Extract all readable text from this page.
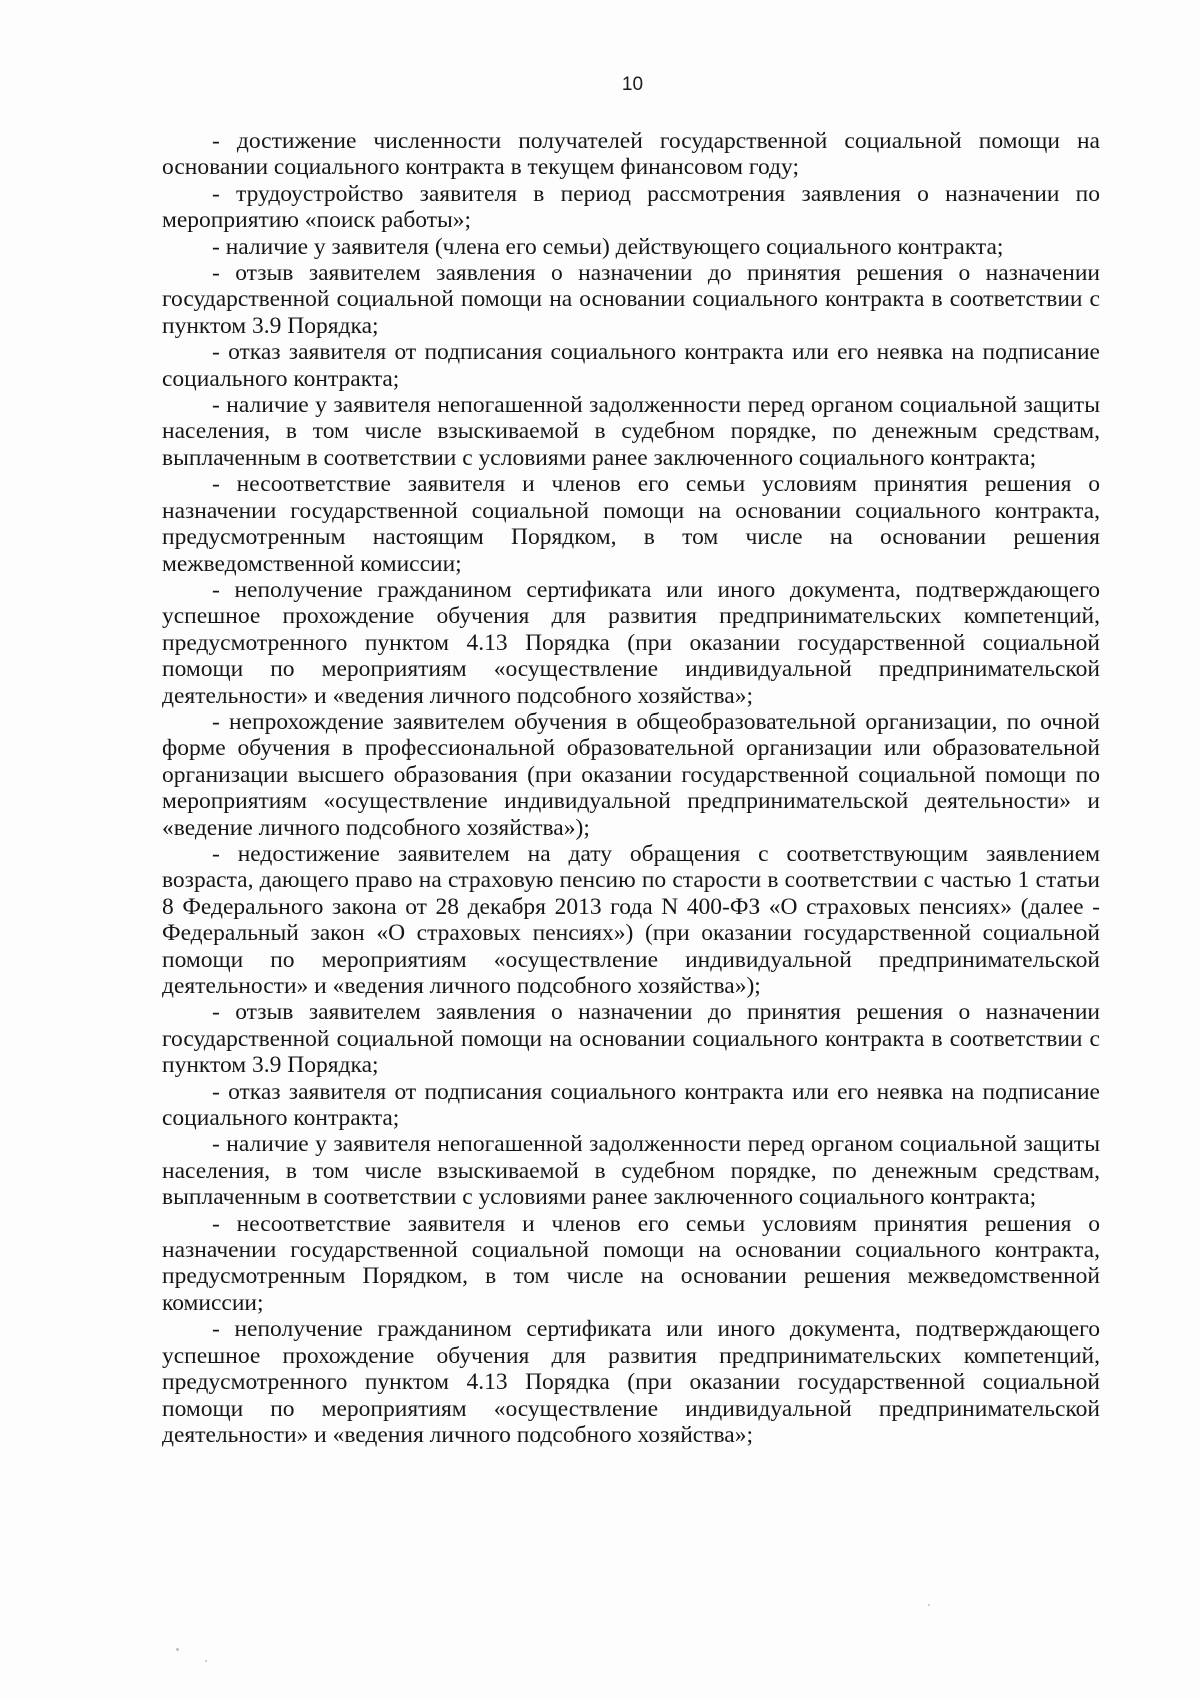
10

- достижение численности получателей государственной социальной помощи на основании социального контракта в текущем финансовом году;

- трудоустройство заявителя в период рассмотрения заявления о назначении по мероприятию «поиск работы»;

- наличие у заявителя (члена его семьи) действующего социального контракта;

- отзыв заявителем заявления о назначении до принятия решения о назначении государственной социальной помощи на основании социального контракта в соответствии с пунктом 3.9 Порядка;

- отказ заявителя от подписания социального контракта или его неявка на подписание социального контракта;

- наличие у заявителя непогашенной задолженности перед органом социальной защиты населения, в том числе взыскиваемой в судебном порядке, по денежным средствам, выплаченным в соответствии с условиями ранее заключенного социального контракта;

- несоответствие заявителя и членов его семьи условиям принятия решения о назначении государственной социальной помощи на основании социального контракта, предусмотренным настоящим Порядком, в том числе на основании решения межведомственной комиссии;

- неполучение гражданином сертификата или иного документа, подтверждающего успешное прохождение обучения для развития предпринимательских компетенций, предусмотренного пунктом 4.13 Порядка (при оказании государственной социальной помощи по мероприятиям «осуществление индивидуальной предпринимательской деятельности» и «ведения личного подсобного хозяйства»;

- непрохождение заявителем обучения в общеобразовательной организации, по очной форме обучения в профессиональной образовательной организации или образовательной организации высшего образования (при оказании государственной социальной помощи по мероприятиям «осуществление индивидуальной предпринимательской деятельности» и «ведение личного подсобного хозяйства»);

- недостижение заявителем на дату обращения с соответствующим заявлением возраста, дающего право на страховую пенсию по старости в соответствии с частью 1 статьи 8 Федерального закона от 28 декабря 2013 года N 400-ФЗ «О страховых пенсиях» (далее - Федеральный закон «О страховых пенсиях») (при оказании государственной социальной помощи по мероприятиям «осуществление индивидуальной предпринимательской деятельности» и «ведения личного подсобного хозяйства»);

- отзыв заявителем заявления о назначении до принятия решения о назначении государственной социальной помощи на основании социального контракта в соответствии с пунктом 3.9 Порядка;

- отказ заявителя от подписания социального контракта или его неявка на подписание социального контракта;

- наличие у заявителя непогашенной задолженности перед органом социальной защиты населения, в том числе взыскиваемой в судебном порядке, по денежным средствам, выплаченным в соответствии с условиями ранее заключенного социального контракта;

- несоответствие заявителя и членов его семьи условиям принятия решения о назначении государственной социальной помощи на основании социального контракта, предусмотренным Порядком, в том числе на основании решения межведомственной комиссии;

- неполучение гражданином сертификата или иного документа, подтверждающего успешное прохождение обучения для развития предпринимательских компетенций, предусмотренного пунктом 4.13 Порядка (при оказании государственной социальной помощи по мероприятиям «осуществление индивидуальной предпринимательской деятельности» и «ведения личного подсобного хозяйства»;
